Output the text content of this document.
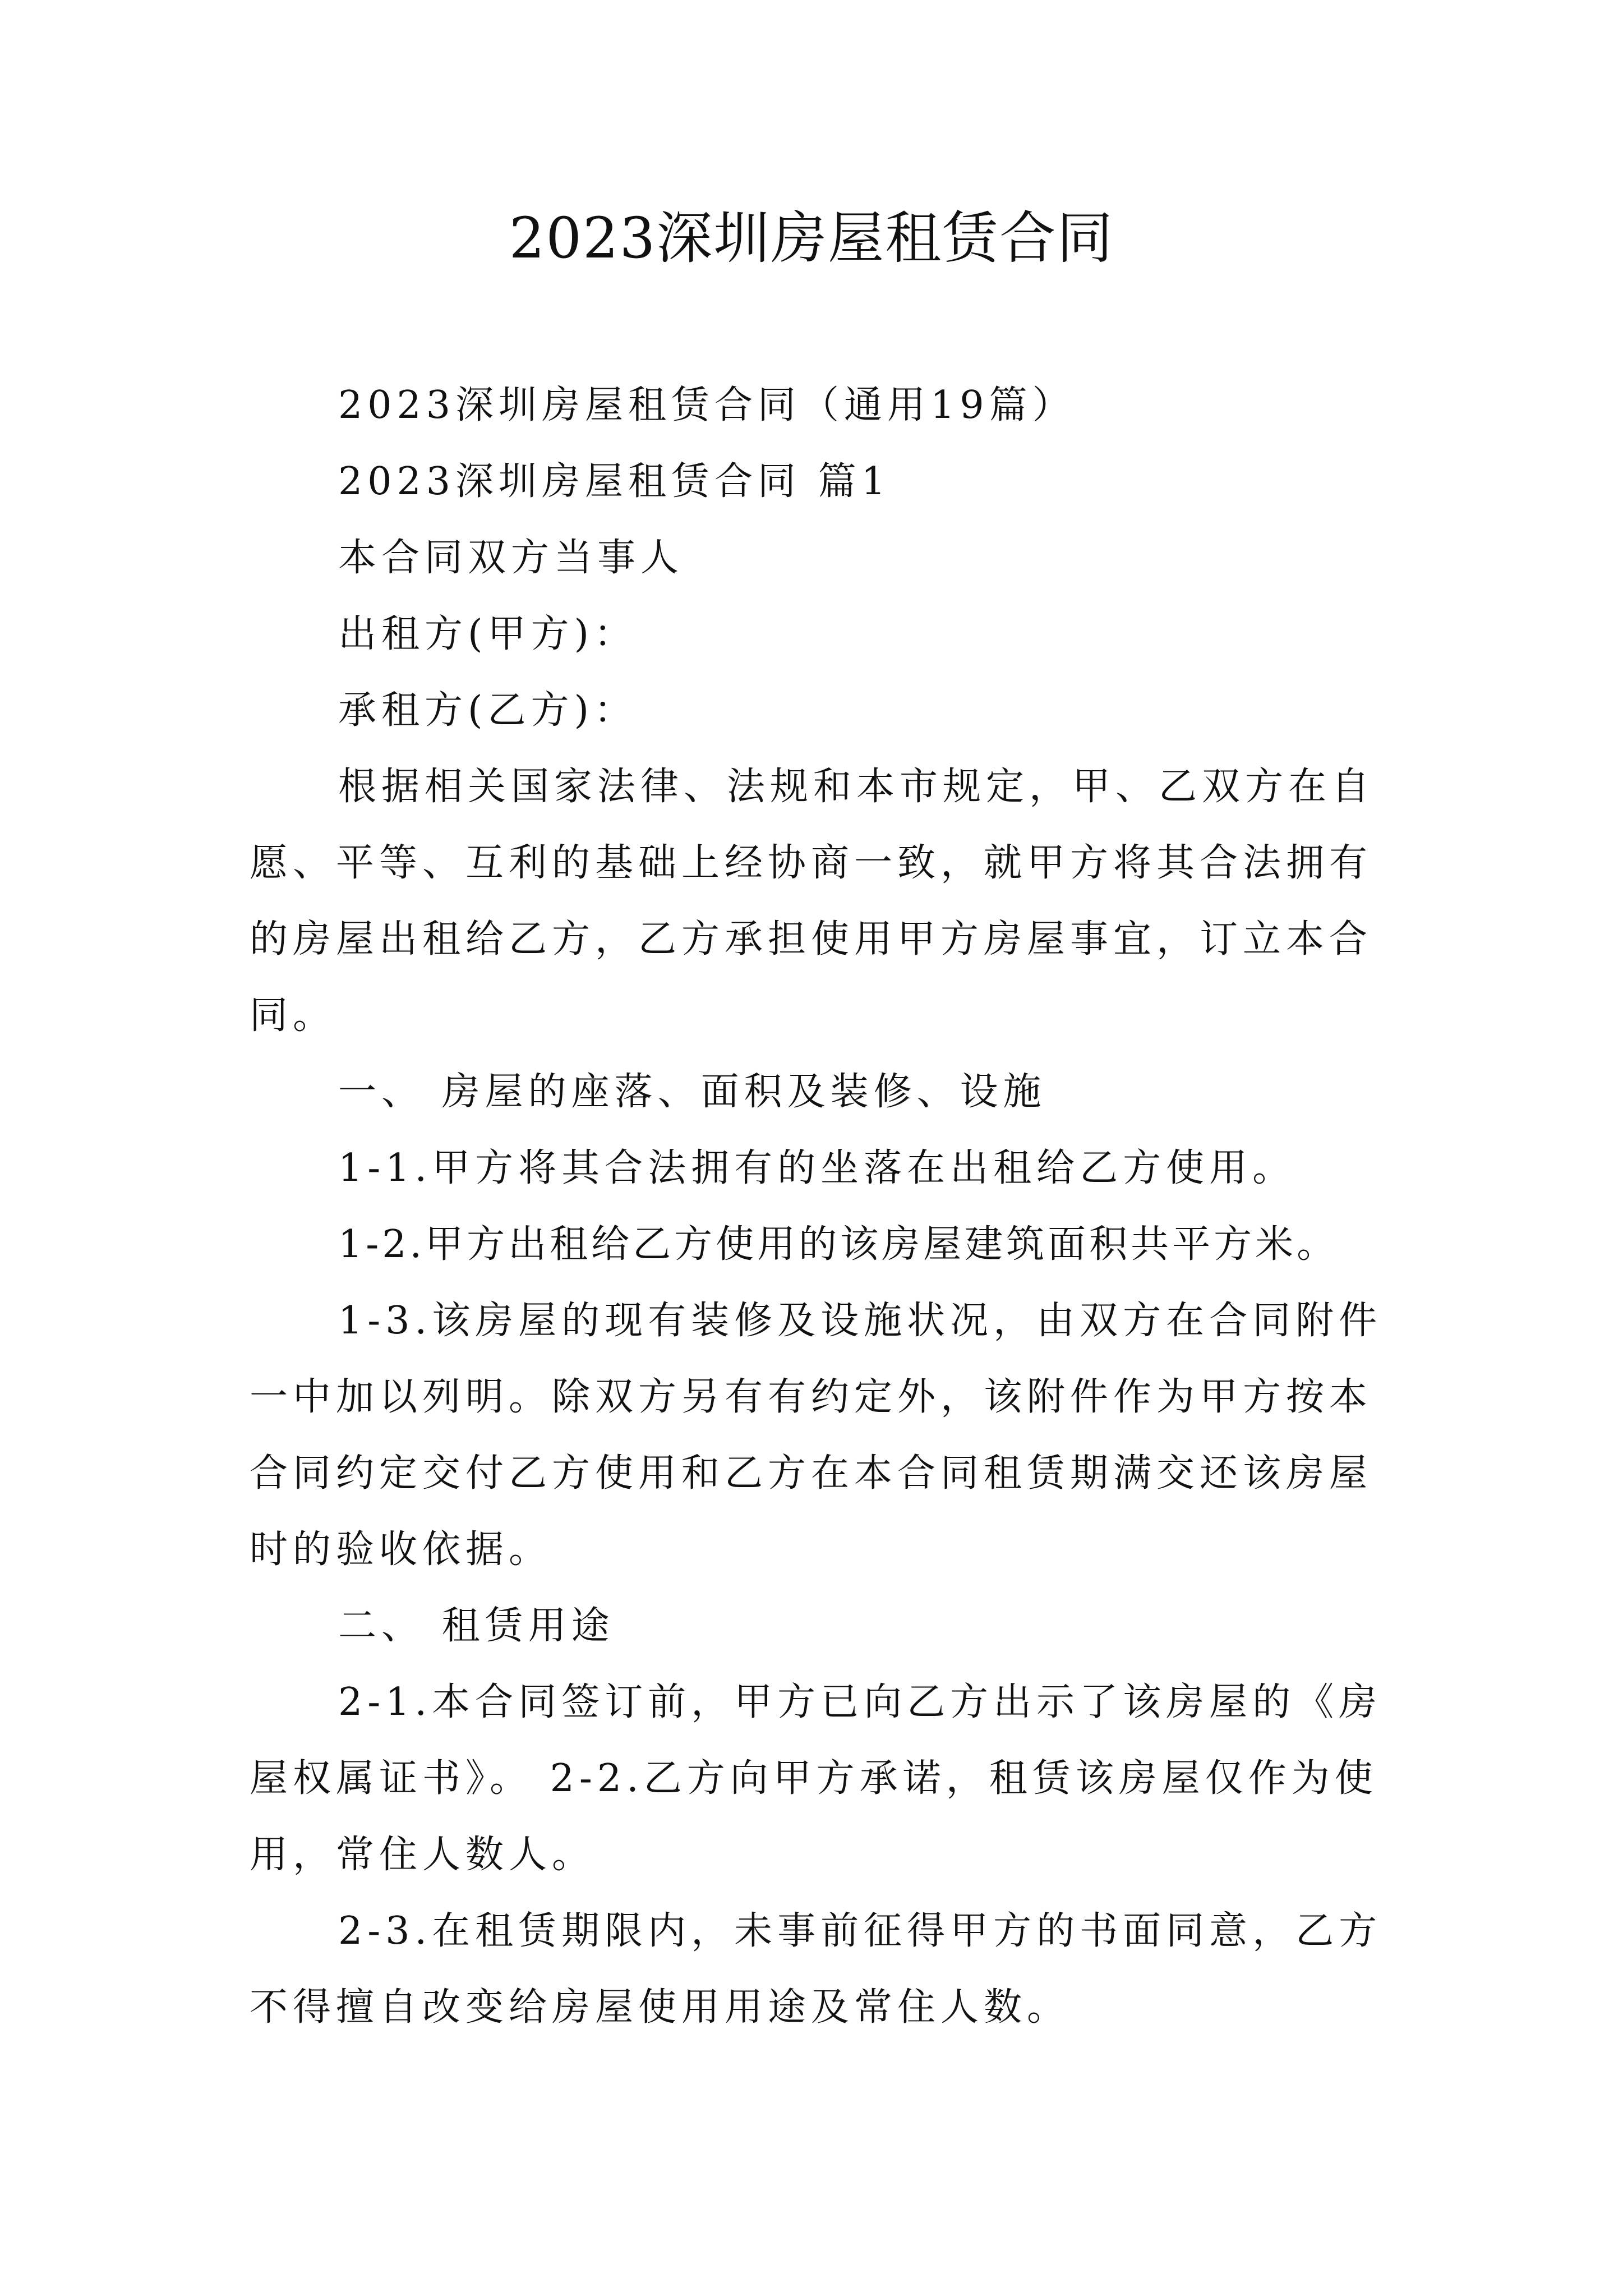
2023深圳房屋租赁合同

2023深圳房屋租赁合同（通用19篇）

2023深圳房屋租赁合同 篇1

本合同双方当事人

出租方(甲方)：

承租方(乙方)：

根据相关国家法律、法规和本市规定，甲、乙双方在自愿、平等、互利的基础上经协商一致，就甲方将其合法拥有的房屋出租给乙方，乙方承担使用甲方房屋事宜，订立本合同。

一、 房屋的座落、面积及装修、设施

1-1.甲方将其合法拥有的坐落在出租给乙方使用。

1-2.甲方出租给乙方使用的该房屋建筑面积共平方米。

1-3.该房屋的现有装修及设施状况，由双方在合同附件一中加以列明。除双方另有有约定外，该附件作为甲方按本合同约定交付乙方使用和乙方在本合同租赁期满交还该房屋时的验收依据。

二、 租赁用途

2-1.本合同签订前，甲方已向乙方出示了该房屋的《房屋权属证书》。 2-2.乙方向甲方承诺，租赁该房屋仅作为使用，常住人数人。

2-3.在租赁期限内，未事前征得甲方的书面同意，乙方不得擅自改变给房屋使用用途及常住人数。
